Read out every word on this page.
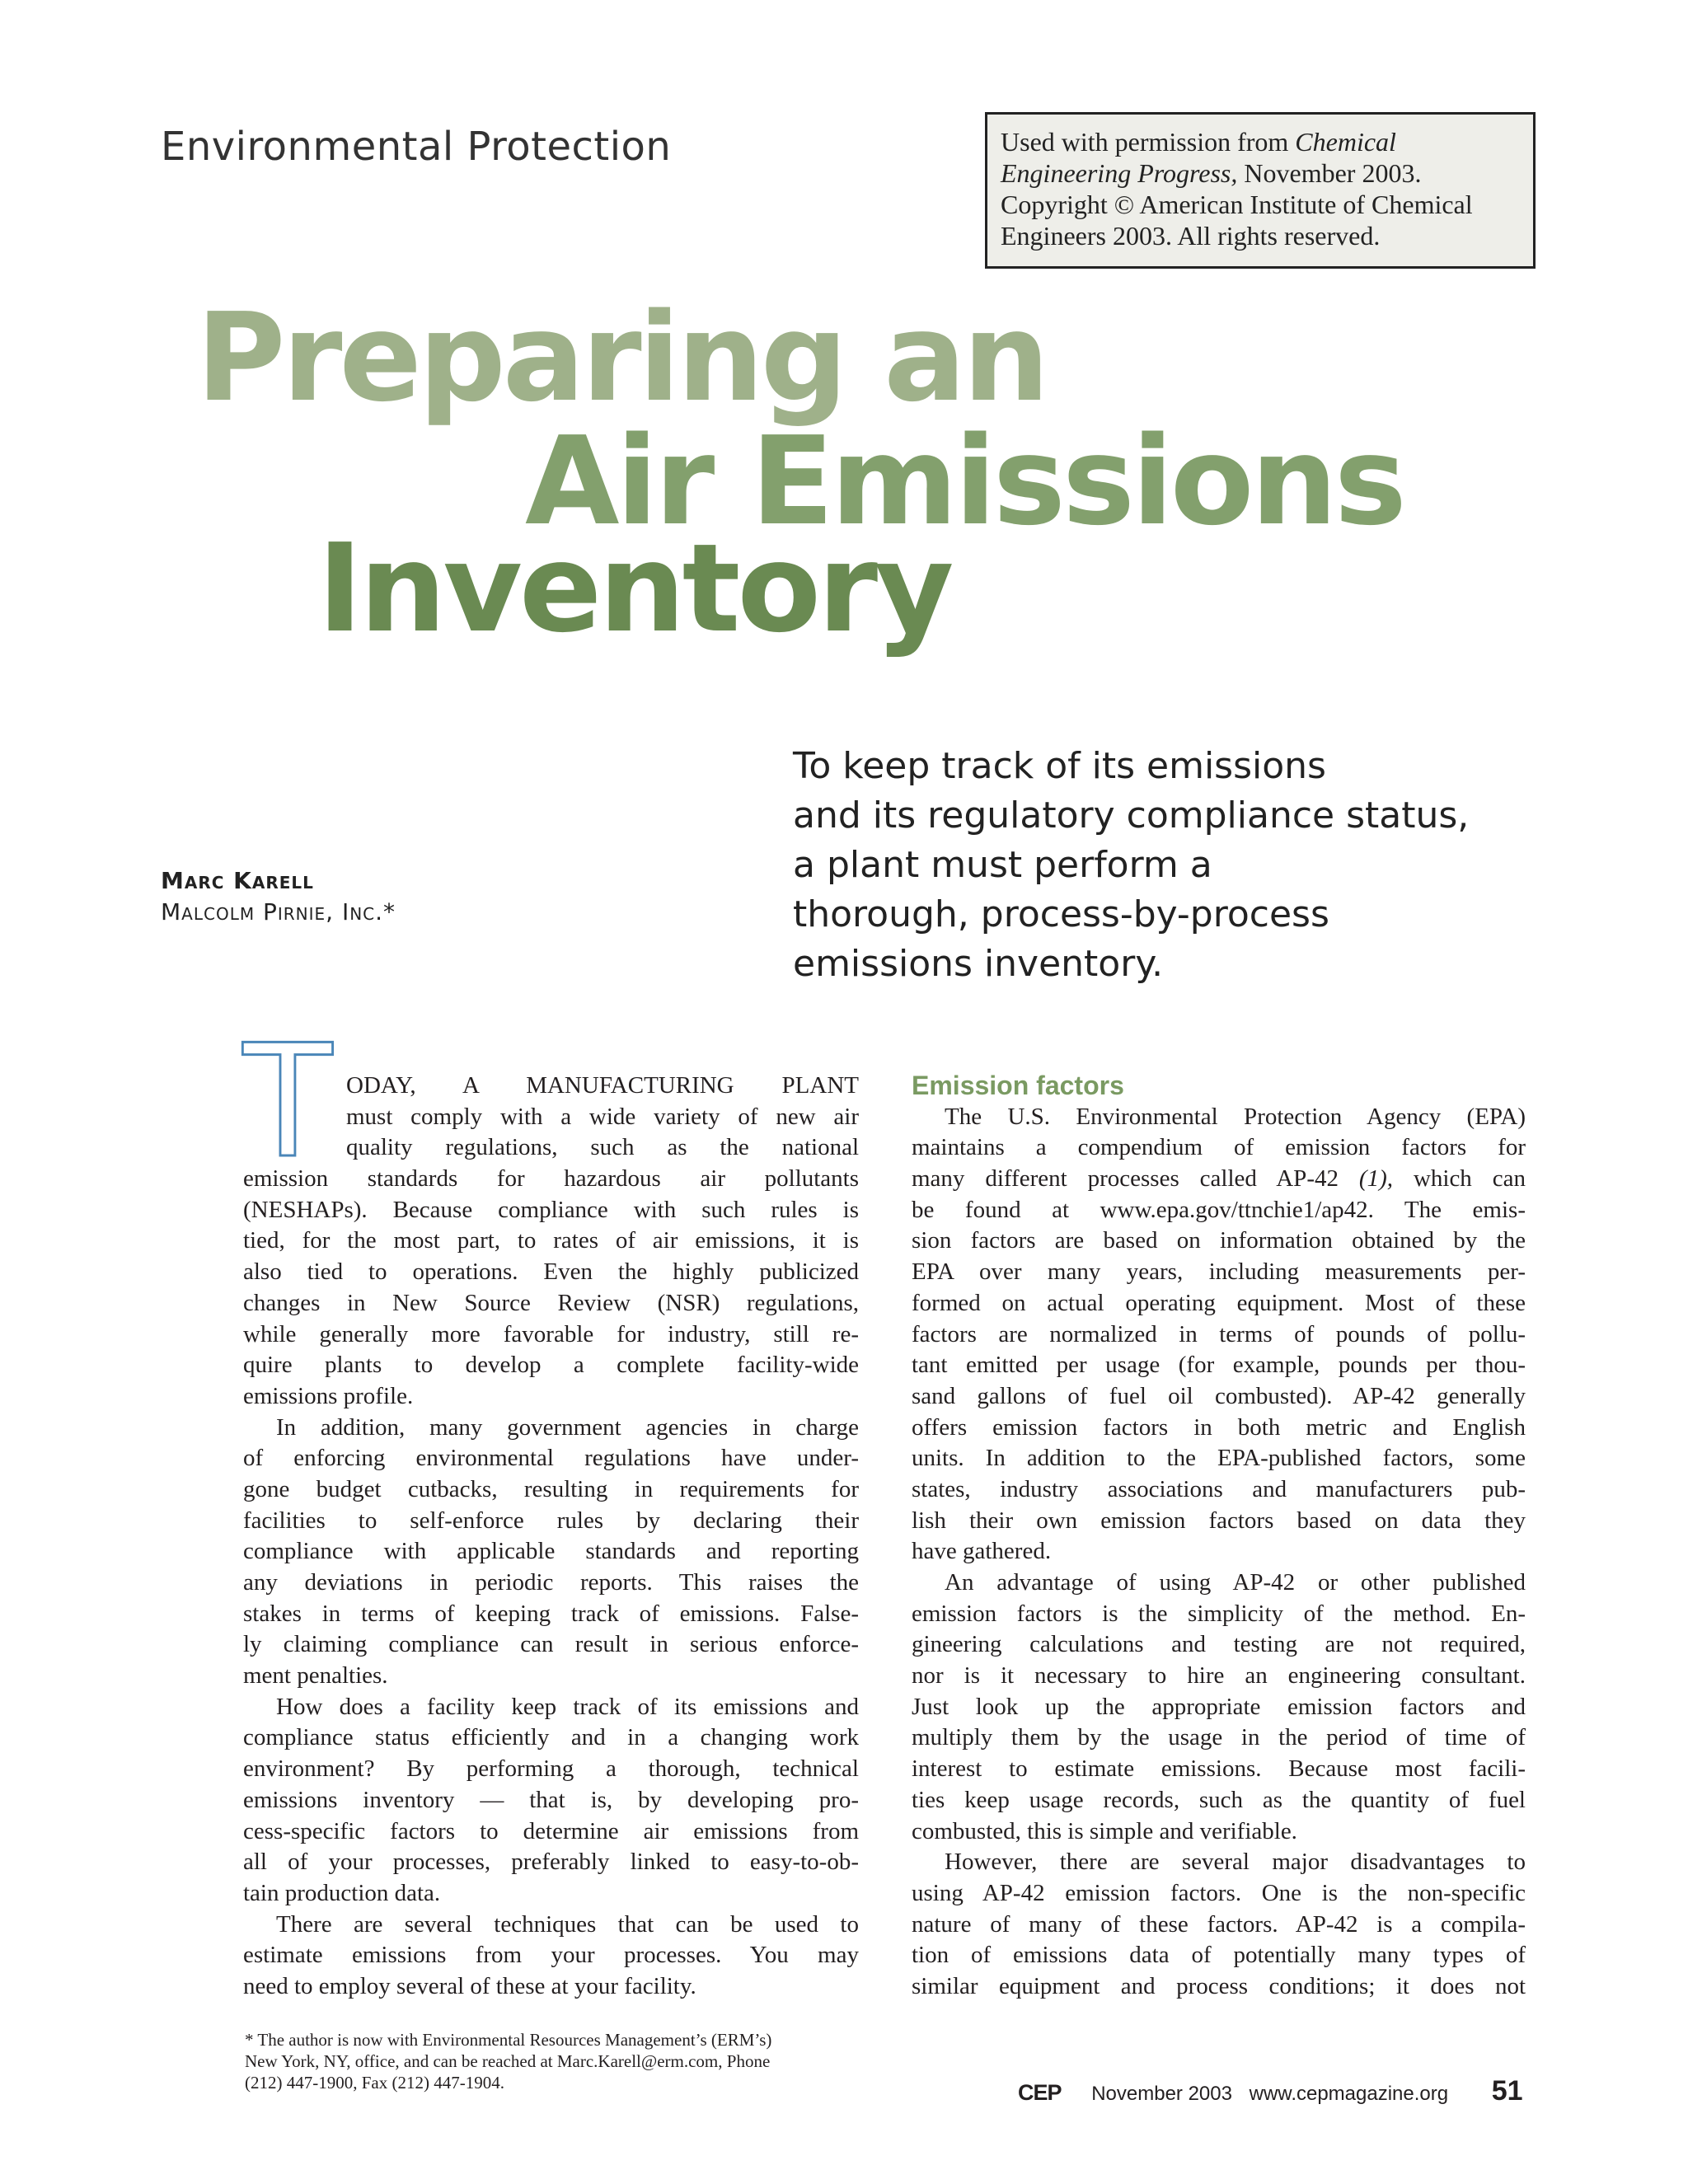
Environmental Protection	Used with permission from Chemical
Engineering Progress, November 2003.
Copyright © American Institute of Chemical
Engineers 2003. All rights reserved.
Preparing an
Air Emissions
Inventory
To keep track of its emissions
and its regulatory compliance status,
a plant must perform a
thorough, process-by-process
emissions inventory.
Marc Karell
Malcolm Pirnie, Inc.*
T ODAY, A MANUFACTURING PLANT
must comply with a wide variety of new air
quality regulations, such as the national
emission standards for hazardous air pollutants
(NESHAPs). Because compliance with such rules is
tied, for the most part, to rates of air emissions, it is
also tied to operations. Even the highly publicized
changes in New Source Review (NSR) regulations,
while generally more favorable for industry, still re-
quire plants to develop a complete facility-wide
emissions profile.
In addition, many government agencies in charge
of enforcing environmental regulations have under-
gone budget cutbacks, resulting in requirements for
facilities to self-enforce rules by declaring their
compliance with applicable standards and reporting
any deviations in periodic reports. This raises the
stakes in terms of keeping track of emissions. False-
ly claiming compliance can result in serious enforce-
ment penalties.
How does a facility keep track of its emissions and
compliance status efficiently and in a changing work
environment? By performing a thorough, technical
emissions inventory — that is, by developing pro-
cess-specific factors to determine air emissions from
all of your processes, preferably linked to easy-to-ob-
tain production data.
There are several techniques that can be used to
estimate emissions from your processes. You may
need to employ several of these at your facility.
Emission factors
The U.S. Environmental Protection Agency (EPA)
maintains a compendium of emission factors for
many different processes called AP-42 (1), which can
be found at www.epa.gov/ttnchie1/ap42. The emis-
sion factors are based on information obtained by the
EPA over many years, including measurements per-
formed on actual operating equipment. Most of these
factors are normalized in terms of pounds of pollu-
tant emitted per usage (for example, pounds per thou-
sand gallons of fuel oil combusted). AP-42 generally
offers emission factors in both metric and English
units. In addition to the EPA-published factors, some
states, industry associations and manufacturers pub-
lish their own emission factors based on data they
have gathered.
An advantage of using AP-42 or other published
emission factors is the simplicity of the method. En-
gineering calculations and testing are not required,
nor is it necessary to hire an engineering consultant.
Just look up the appropriate emission factors and
multiply them by the usage in the period of time of
interest to estimate emissions. Because most facili-
ties keep usage records, such as the quantity of fuel
combusted, this is simple and verifiable.
However, there are several major disadvantages to
using AP-42 emission factors. One is the non-specific
nature of many of these factors. AP-42 is a compila-
tion of emissions data of potentially many types of
similar equipment and process conditions; it does not
* The author is now with Environmental Resources Management’s (ERM’s)
New York, NY, office, and can be reached at Marc.Karell@erm.com, Phone
(212) 447-1900, Fax (212) 447-1904.	CEP November 2003 www.cepmagazine.org 51
